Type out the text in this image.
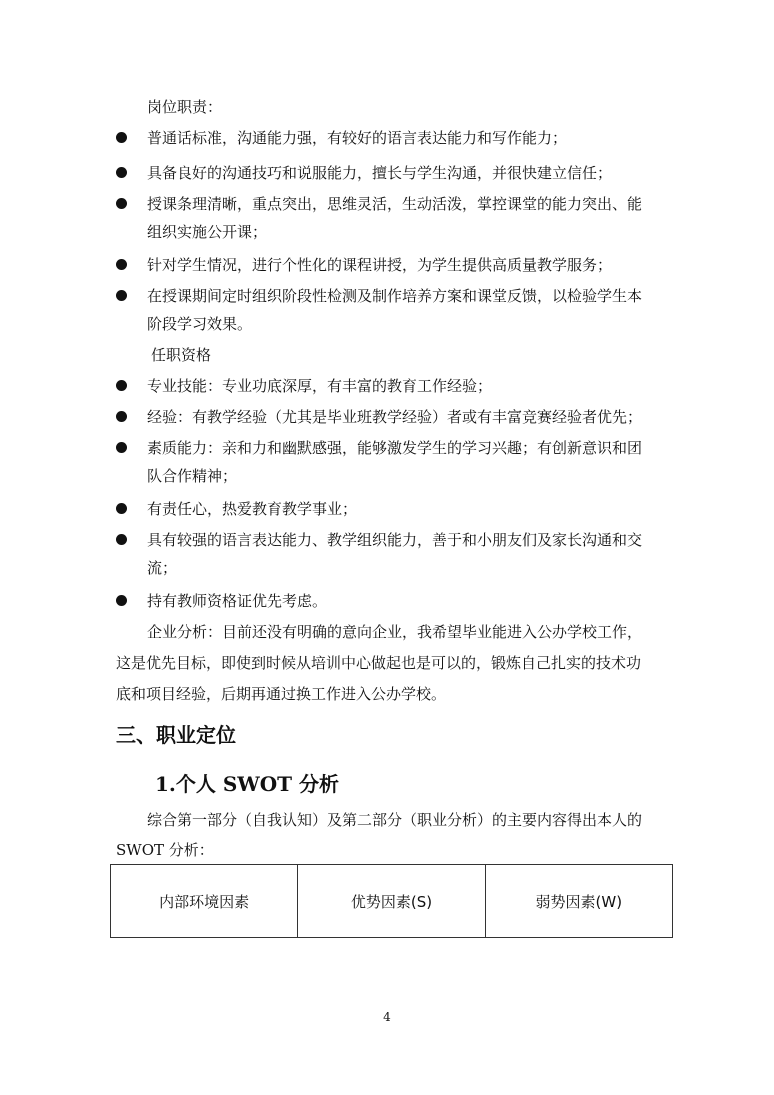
岗位职责：
普通话标准，沟通能力强，有较好的语言表达能力和写作能力；
具备良好的沟通技巧和说服能力，擅长与学生沟通，并很快建立信任；
授课条理清晰，重点突出，思维灵活，生动活泼，掌控课堂的能力突出、能
组织实施公开课；
针对学生情况，进行个性化的课程讲授，为学生提供高质量教学服务；
在授课期间定时组织阶段性检测及制作培养方案和课堂反馈，以检验学生本
阶段学习效果。
任职资格
专业技能：专业功底深厚，有丰富的教育工作经验；
经验：有教学经验（尤其是毕业班教学经验）者或有丰富竞赛经验者优先；
素质能力：亲和力和幽默感强，能够激发学生的学习兴趣；有创新意识和团
队合作精神；
有责任心，热爱教育教学事业；
具有较强的语言表达能力、教学组织能力，善于和小朋友们及家长沟通和交
流；
持有教师资格证优先考虑。
企业分析：目前还没有明确的意向企业，我希望毕业能进入公办学校工作，
这是优先目标，即使到时候从培训中心做起也是可以的，锻炼自己扎实的技术功
底和项目经验，后期再通过换工作进入公办学校。
三、职业定位
1.个人 SWOT 分析
综合第一部分（自我认知）及第二部分（职业分析）的主要内容得出本人的
SWOT 分析：
内部环境因素	优势因素(S)	弱势因素(W)
4
